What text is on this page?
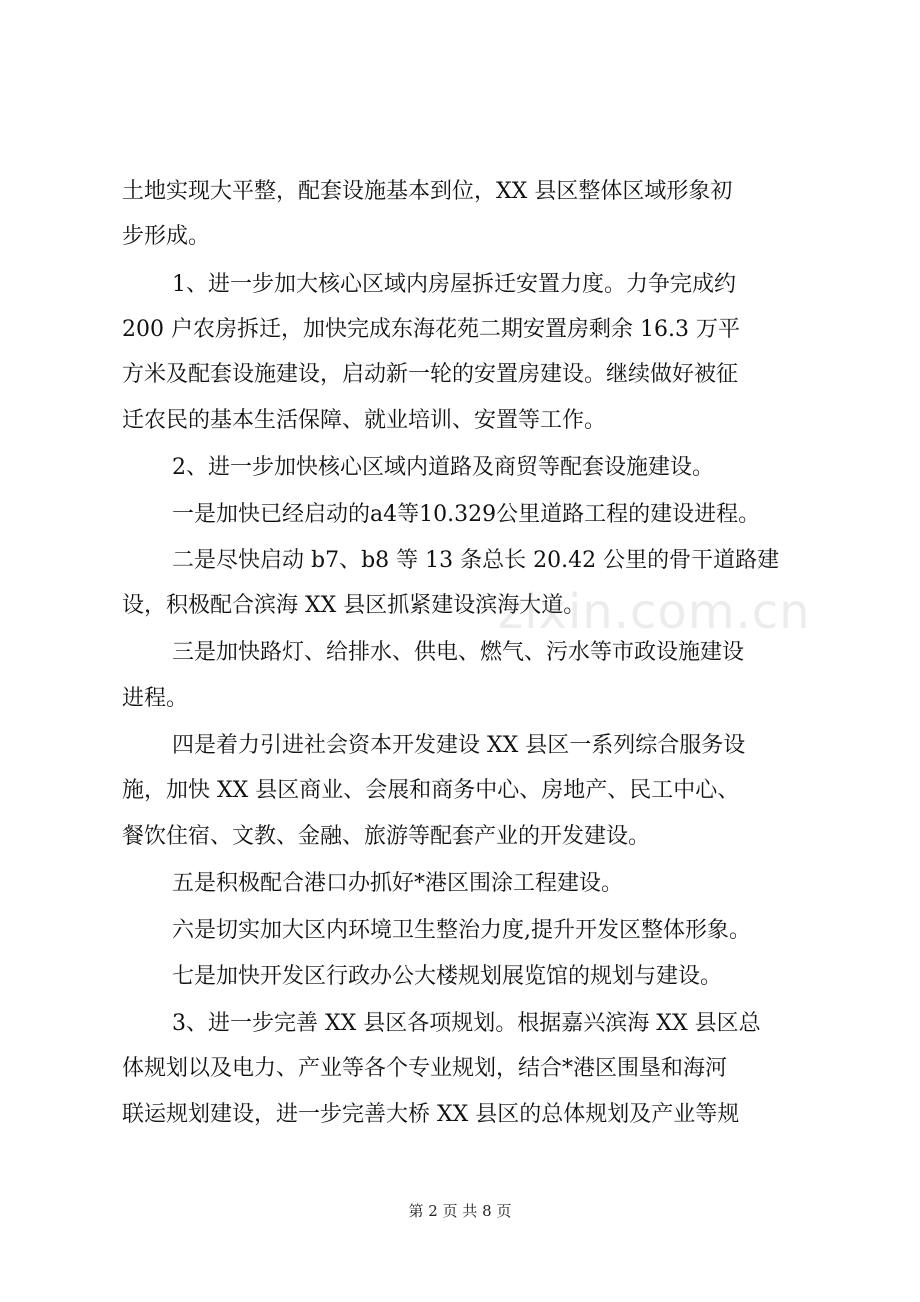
土地实现大平整，配套设施基本到位，XX 县区整体区域形象初
步形成。
1、进一步加大核心区域内房屋拆迁安置力度。力争完成约
200 户农房拆迁，加快完成东海花苑二期安置房剩余 16.3 万平
方米及配套设施建设，启动新一轮的安置房建设。继续做好被征
迁农民的基本生活保障、就业培训、安置等工作。
2、进一步加快核心区域内道路及商贸等配套设施建设。
一是加快已经启动的a4等10.329公里道路工程的建设进程。
二是尽快启动 b7、b8 等 13 条总长 20.42 公里的骨干道路建
设，积极配合滨海 XX 县区抓紧建设滨海大道。
三是加快路灯、给排水、供电、燃气、污水等市政设施建设
进程。
四是着力引进社会资本开发建设 XX 县区一系列综合服务设
施，加快 XX 县区商业、会展和商务中心、房地产、民工中心、
餐饮住宿、文教、金融、旅游等配套产业的开发建设。
五是积极配合港口办抓好*港区围涂工程建设。
六是切实加大区内环境卫生整治力度,提升开发区整体形象。
七是加快开发区行政办公大楼规划展览馆的规划与建设。
3、进一步完善 XX 县区各项规划。根据嘉兴滨海 XX 县区总
体规划以及电力、产业等各个专业规划，结合*港区围垦和海河
联运规划建设，进一步完善大桥 XX 县区的总体规划及产业等规
zixin.com.cn
第 2 页 共 8 页
